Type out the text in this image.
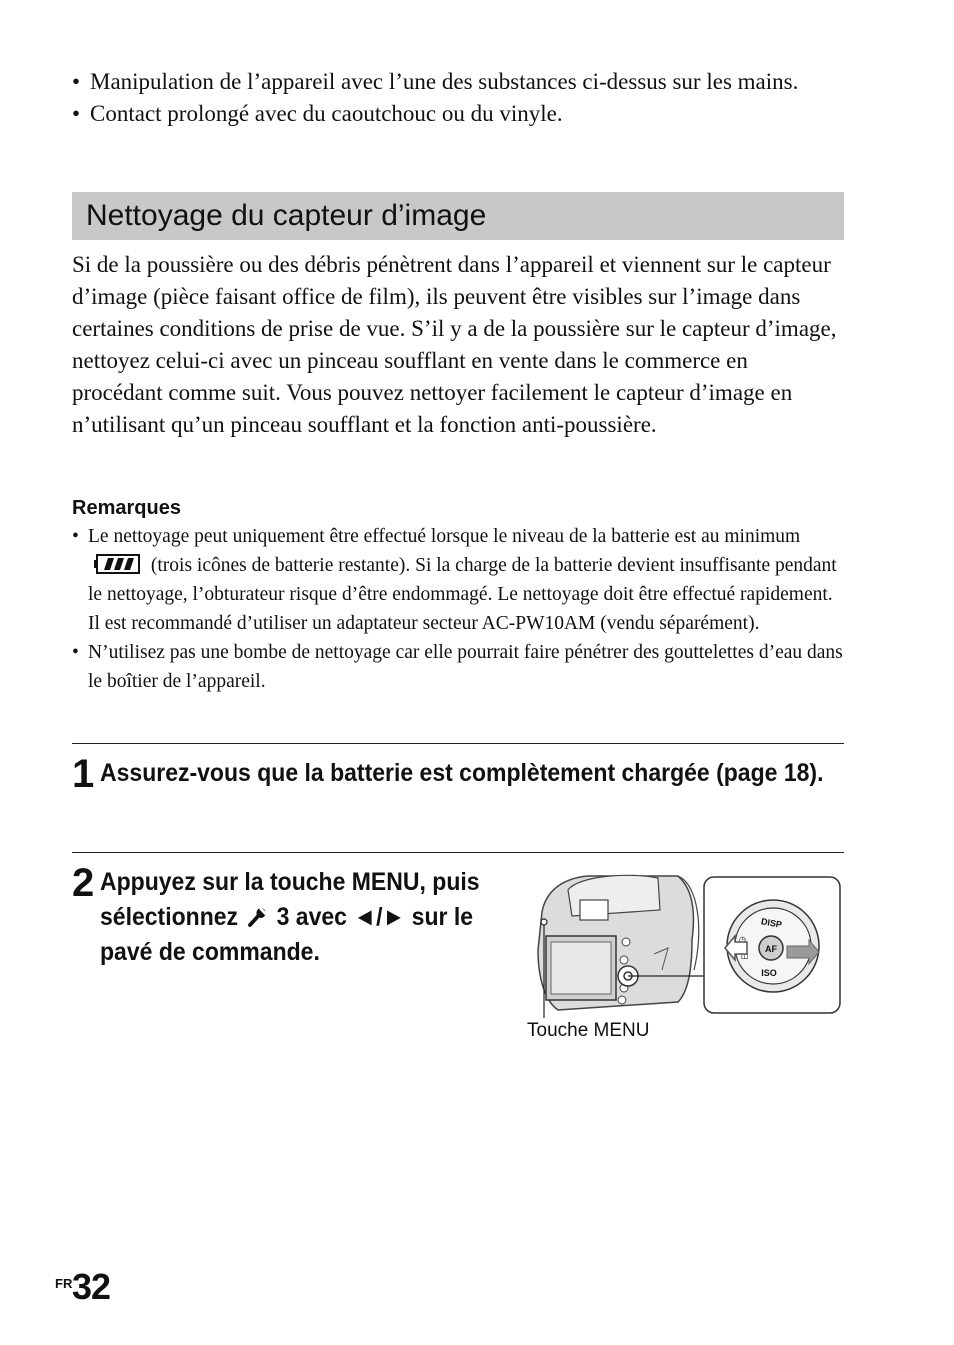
• Manipulation de l’appareil avec l’une des substances ci-dessus sur les mains.
• Contact prolongé avec du caoutchouc ou du vinyle.
Nettoyage du capteur d’image
Si de la poussière ou des débris pénètrent dans l’appareil et viennent sur le capteur d’image (pièce faisant office de film), ils peuvent être visibles sur l’image dans certaines conditions de prise de vue. S’il y a de la poussière sur le capteur d’image, nettoyez celui-ci avec un pinceau soufflant en vente dans le commerce en procédant comme suit. Vous pouvez nettoyer facilement le capteur d’image en n’utilisant qu’un pinceau soufflant et la fonction anti-poussière.
Remarques
• Le nettoyage peut uniquement être effectué lorsque le niveau de la batterie est au minimum  (trois icônes de batterie restante). Si la charge de la batterie devient insuffisante pendant le nettoyage, l’obturateur risque d’être endommagé. Le nettoyage doit être effectué rapidement. Il est recommandé d’utiliser un adaptateur secteur AC-PW10AM (vendu séparément).
• N’utilisez pas une bombe de nettoyage car elle pourrait faire pénétrer des gouttelettes d’eau dans le boîtier de l’appareil.
1 Assurez-vous que la batterie est complètement chargée (page 18).
2 Appuyez sur la touche MENU, puis sélectionnez 3 avec ◄/► sur le pavé de commande.	AF
DISP
ISO
◷
◫
Touche MENU
FR 32
